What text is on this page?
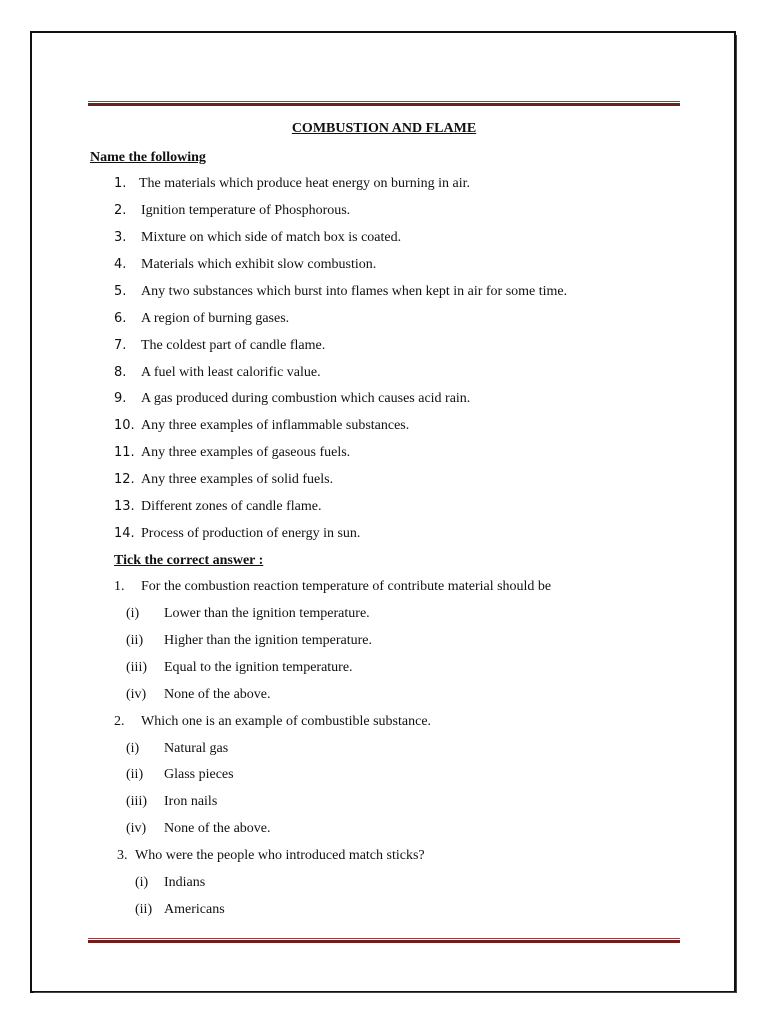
COMBUSTION AND FLAME
Name the following
1. The materials which produce heat energy on burning in air.
2. Ignition temperature of Phosphorous.
3. Mixture on which side of match box is coated.
4. Materials which exhibit slow combustion.
5. Any two substances which burst into flames when kept in air for some time.
6. A region of burning gases.
7. The coldest part of candle flame.
8. A fuel with least calorific value.
9. A gas produced during combustion which causes acid rain.
10. Any three examples of inflammable substances.
11. Any three examples of gaseous fuels.
12. Any three examples of solid fuels.
13. Different zones of candle flame.
14. Process of production of energy in sun.
Tick the correct answer :
1. For the combustion reaction temperature of contribute material should be
(i) Lower than the ignition temperature.
(ii) Higher than the ignition temperature.
(iii) Equal to the ignition temperature.
(iv) None of the above.
2. Which one is an example of combustible substance.
(i) Natural gas
(ii) Glass pieces
(iii) Iron nails
(iv) None of the above.
3. Who were the people who introduced match sticks?
(i) Indians
(ii) Americans
